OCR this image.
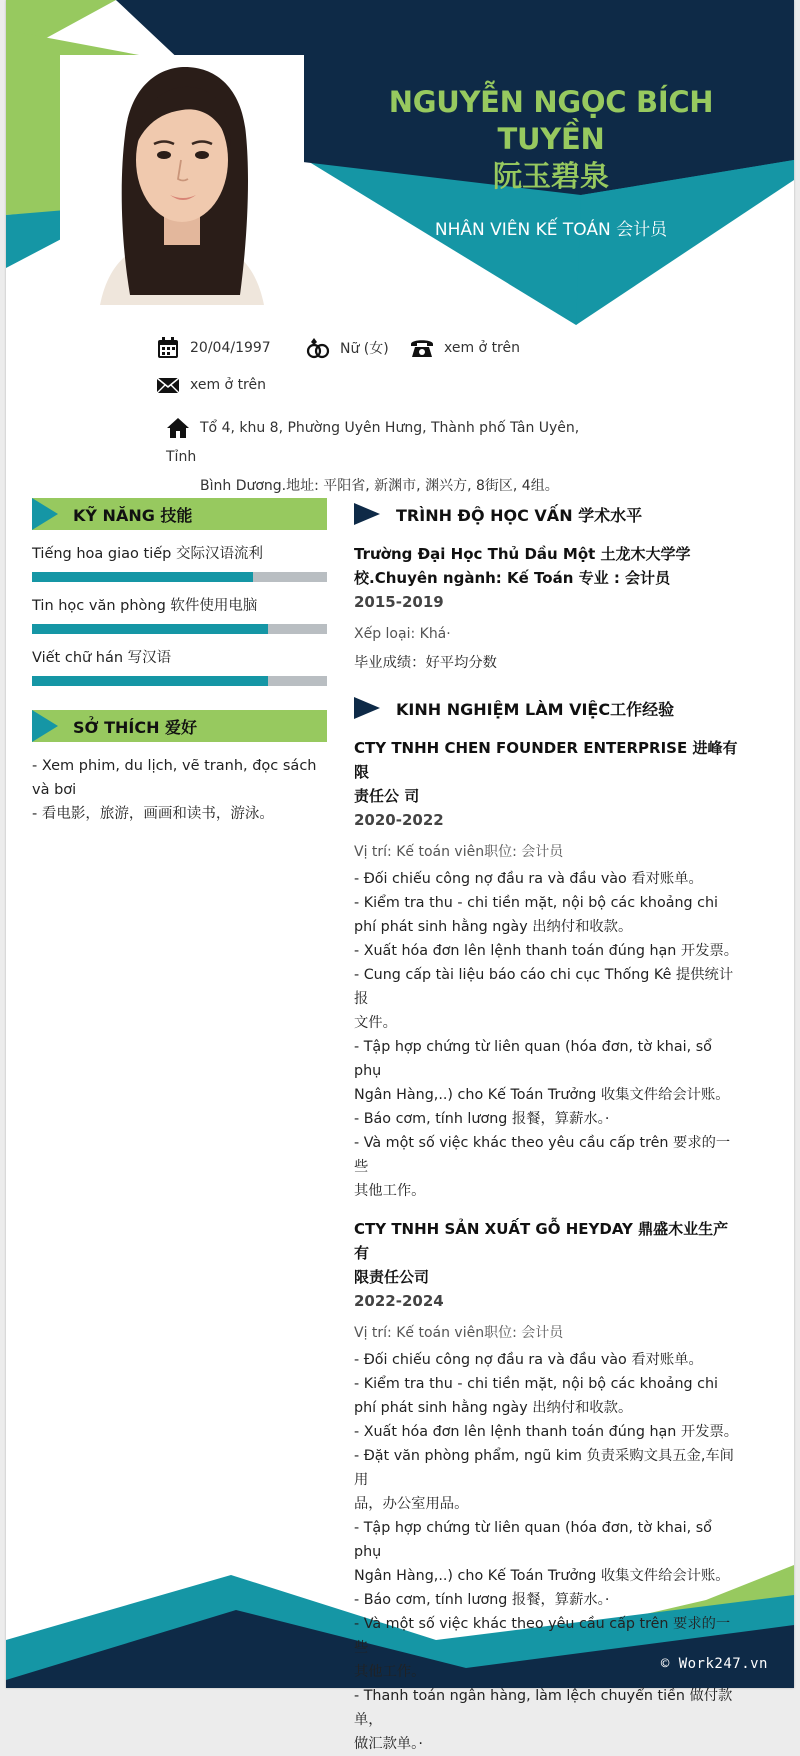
NGUYỄN NGỌC BÍCH TUYỀN
阮玉碧泉
NHÂN VIÊN KẾ TOÁN 会计员
20/04/1997	Nữ (女)	xem ở trên
xem ở trên
Tổ 4, khu 8, Phường Uyên Hưng, Thành phố Tân Uyên, Tỉnh
Bình Dương.地址: 平阳省, 新渊市, 渊兴方, 8街区, 4组。
KỸ NĂNG 技能
Tiếng hoa giao tiếp 交际汉语流利
Tin học văn phòng 软件使用电脑
Viết chữ hán 写汉语
SỞ THÍCH 爱好
- Xem phim, du lịch, vẽ tranh, đọc sách và bơi
- 看电影，旅游，画画和读书，游泳。
TRÌNH ĐỘ HỌC VẤN 学术水平
Trường Đại Học Thủ Dầu Một 土龙木大学学
校.Chuyên ngành: Kế Toán 专业 : 会计员
2015-2019
Xếp loại: Khá·
毕业成绩：好平均分数
KINH NGHIỆM LÀM VIỆC工作经验
CTY TNHH CHEN FOUNDER ENTERPRISE 进峰有限
责任公 司
2020-2022
Vị trí: Kế toán viên职位: 会计员
- Đối chiếu công nợ đầu ra và đầu vào 看对账单。
- Kiểm tra thu - chi tiền mặt, nội bộ các khoảng chi
phí phát sinh hằng ngày 出纳付和收款。
- Xuất hóa đơn lên lệnh thanh toán đúng hạn 开发票。
- Cung cấp tài liệu báo cáo chi cục Thống Kê 提供统计报
文件。
- Tập hợp chứng từ liên quan (hóa đơn, tờ khai, sổ phụ
Ngân Hàng,..) cho Kế Toán Trưởng 收集文件给会计账。
- Báo cơm, tính lương 报餐，算薪水。·
- Và một số việc khác theo yêu cầu cấp trên 要求的一些
其他工作。
CTY TNHH SẢN XUẤT GỖ HEYDAY 鼎盛木业生产有
限责任公司
2022-2024
Vị trí: Kế toán viên职位: 会计员
- Đối chiếu công nợ đầu ra và đầu vào 看对账单。
- Kiểm tra thu - chi tiền mặt, nội bộ các khoảng chi
phí phát sinh hằng ngày 出纳付和收款。
- Xuất hóa đơn lên lệnh thanh toán đúng hạn 开发票。
- Đặt văn phòng phẩm, ngũ kim 负责采购文具五金,车间用
品，办公室用品。
- Tập hợp chứng từ liên quan (hóa đơn, tờ khai, sổ phụ
Ngân Hàng,..) cho Kế Toán Trưởng 收集文件给会计账。
- Báo cơm, tính lương 报餐，算薪水。·
- Và một số việc khác theo yêu cầu cấp trên 要求的一些
其他工作。
- Thanh toán ngân hàng, làm lệch chuyển tiền 做付款单，
做汇款单。·
© Work247.vn
